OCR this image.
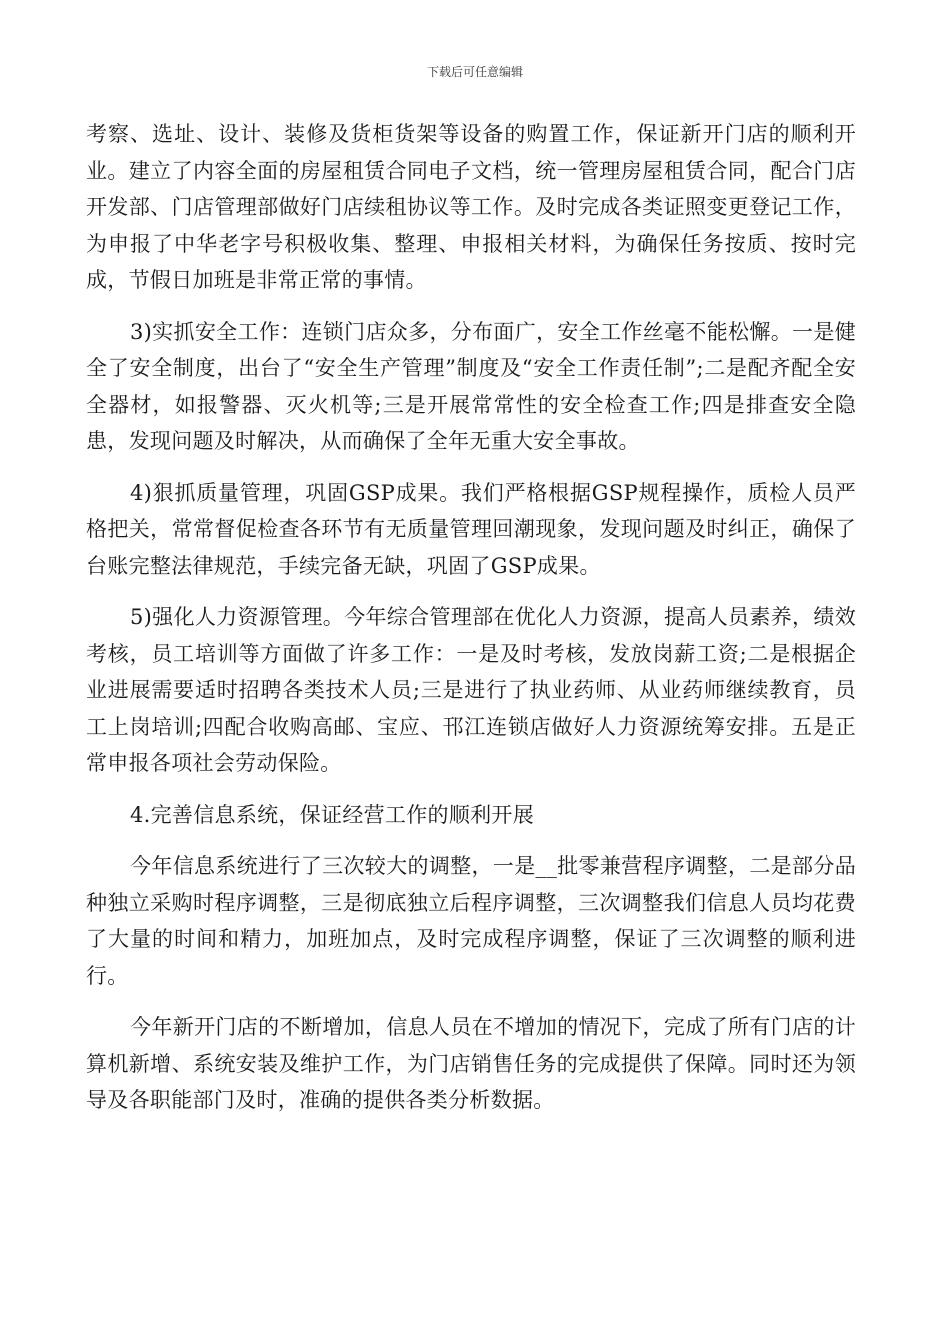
下载后可任意编辑

考察、选址、设计、装修及货柜货架等设备的购置工作，保证新开门店的顺利开业。建立了内容全面的房屋租赁合同电子文档，统一管理房屋租赁合同，配合门店开发部、门店管理部做好门店续租协议等工作。及时完成各类证照变更登记工作，为申报了中华老字号积极收集、整理、申报相关材料，为确保任务按质、按时完成，节假日加班是非常正常的事情。

3)实抓安全工作：连锁门店众多，分布面广，安全工作丝毫不能松懈。一是健全了安全制度，出台了“安全生产管理”制度及“安全工作责任制”;二是配齐配全安全器材，如报警器、灭火机等;三是开展常常性的安全检查工作;四是排查安全隐患，发现问题及时解决，从而确保了全年无重大安全事故。

4)狠抓质量管理，巩固GSP成果。我们严格根据GSP规程操作，质检人员严格把关，常常督促检查各环节有无质量管理回潮现象，发现问题及时纠正，确保了台账完整法律规范，手续完备无缺，巩固了GSP成果。

5)强化人力资源管理。今年综合管理部在优化人力资源，提高人员素养，绩效考核，员工培训等方面做了许多工作：一是及时考核，发放岗薪工资;二是根据企业进展需要适时招聘各类技术人员;三是进行了执业药师、从业药师继续教育，员工上岗培训;四配合收购高邮、宝应、邗江连锁店做好人力资源统筹安排。五是正常申报各项社会劳动保险。

4.完善信息系统，保证经营工作的顺利开展

今年信息系统进行了三次较大的调整，一是__批零兼营程序调整，二是部分品种独立采购时程序调整，三是彻底独立后程序调整，三次调整我们信息人员均花费了大量的时间和精力，加班加点，及时完成程序调整，保证了三次调整的顺利进行。

今年新开门店的不断增加，信息人员在不增加的情况下，完成了所有门店的计算机新增、系统安装及维护工作，为门店销售任务的完成提供了保障。同时还为领导及各职能部门及时，准确的提供各类分析数据。
